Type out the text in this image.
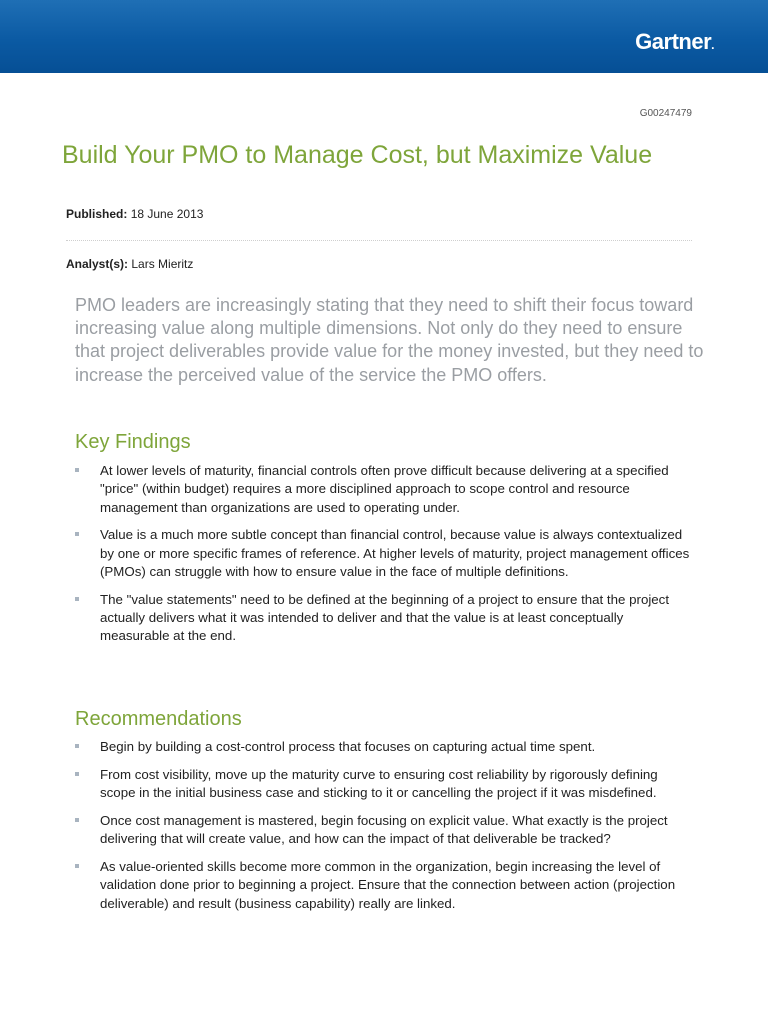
Gartner.
G00247479
Build Your PMO to Manage Cost, but Maximize Value
Published: 18 June 2013
Analyst(s): Lars Mieritz

PMO leaders are increasingly stating that they need to shift their focus toward increasing value along multiple dimensions. Not only do they need to ensure that project deliverables provide value for the money invested, but they need to increase the perceived value of the service the PMO offers.

Key Findings
At lower levels of maturity, financial controls often prove difficult because delivering at a specified "price" (within budget) requires a more disciplined approach to scope control and resource management than organizations are used to operating under.
Value is a much more subtle concept than financial control, because value is always contextualized by one or more specific frames of reference. At higher levels of maturity, project management offices (PMOs) can struggle with how to ensure value in the face of multiple definitions.
The "value statements" need to be defined at the beginning of a project to ensure that the project actually delivers what it was intended to deliver and that the value is at least conceptually measurable at the end.
Recommendations
Begin by building a cost-control process that focuses on capturing actual time spent.
From cost visibility, move up the maturity curve to ensuring cost reliability by rigorously defining scope in the initial business case and sticking to it or cancelling the project if it was misdefined.
Once cost management is mastered, begin focusing on explicit value. What exactly is the project delivering that will create value, and how can the impact of that deliverable be tracked?
As value-oriented skills become more common in the organization, begin increasing the level of validation done prior to beginning a project. Ensure that the connection between action (projection deliverable) and result (business capability) really are linked.
